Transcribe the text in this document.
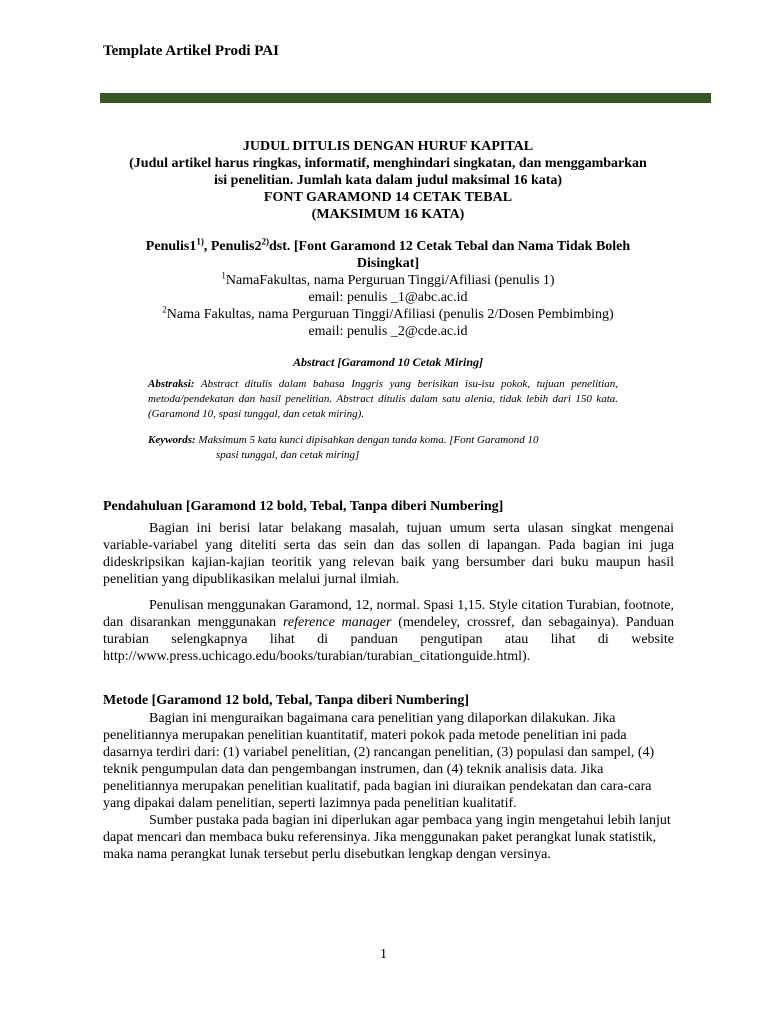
Template Artikel Prodi PAI
JUDUL DITULIS DENGAN HURUF KAPITAL
(Judul artikel harus ringkas, informatif, menghindari singkatan, dan menggambarkan
isi penelitian. Jumlah kata dalam judul maksimal 16 kata)
FONT GARAMOND 14 CETAK TEBAL
(MAKSIMUM 16 KATA)
Penulis1$^{1)}$, Penulis2$^{2)}$dst. [Font Garamond 12 Cetak Tebal dan Nama Tidak Boleh
Disingkat]
$^1$NamaFakultas, nama Perguruan Tinggi/Afiliasi (penulis 1)
email: penulis _1@abc.ac.id
$^2$Nama Fakultas, nama Perguruan Tinggi/Afiliasi (penulis 2/Dosen Pembimbing)
email: penulis _2@cde.ac.id
Abstract [Garamond 10 Cetak Miring]
Abstraksi: Abstract ditulis dalam bahasa Inggris yang berisikan isu-isu pokok, tujuan penelitian, metoda/pendekatan dan hasil penelitian. Abstract ditulis dalam satu alenia, tidak lebih dari 150 kata. (Garamond 10, spasi tunggal, dan cetak miring).
Keywords: Maksimum 5 kata kunci dipisahkan dengan tanda koma. [Font Garamond 10
spasi tunggal, dan cetak miring]
Pendahuluan [Garamond 12 bold, Tebal, Tanpa diberi Numbering]

Bagian ini berisi latar belakang masalah, tujuan umum serta ulasan singkat mengenai variable-variabel yang diteliti serta das sein dan das sollen di lapangan. Pada bagian ini juga dideskripsikan kajian-kajian teoritik yang relevan baik yang bersumber dari buku maupun hasil penelitian yang dipublikasikan melalui jurnal ilmiah.

Penulisan menggunakan Garamond, 12, normal. Spasi 1,15. Style citation Turabian, footnote, dan disarankan menggunakan reference manager (mendeley, crossref, dan sebagainya). Panduan turabian selengkapnya lihat di panduan pengutipan atau lihat di website http://www.press.uchicago.edu/books/turabian/turabian_citationguide.html).

Metode [Garamond 12 bold, Tebal, Tanpa diberi Numbering]

Bagian ini menguraikan bagaimana cara penelitian yang dilaporkan dilakukan. Jika penelitiannya merupakan penelitian kuantitatif, materi pokok pada metode penelitian ini pada dasarnya terdiri dari: (1) variabel penelitian, (2) rancangan penelitian, (3) populasi dan sampel, (4) teknik pengumpulan data dan pengembangan instrumen, dan (4) teknik analisis data. Jika penelitiannya merupakan penelitian kualitatif, pada bagian ini diuraikan pendekatan dan cara-cara yang dipakai dalam penelitian, seperti lazimnya pada penelitian kualitatif.

Sumber pustaka pada bagian ini diperlukan agar pembaca yang ingin mengetahui lebih lanjut dapat mencari dan membaca buku referensinya. Jika menggunakan paket perangkat lunak statistik, maka nama perangkat lunak tersebut perlu disebutkan lengkap dengan versinya.

1
